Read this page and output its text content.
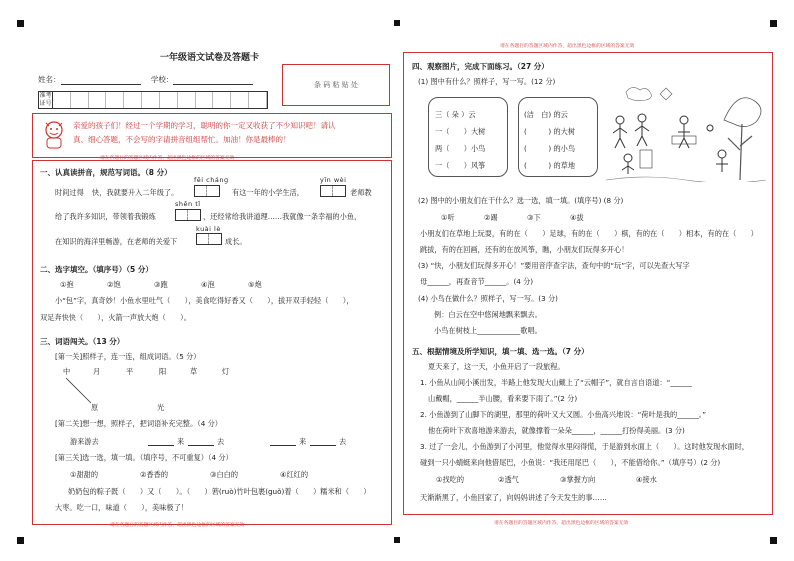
一年级语文试卷及答题卡
姓名：	学校：
准考证号
条 码 粘 贴 处
亲爱的孩子们！经过一个学期的学习，聪明的你一定又收获了不少知识吧！请认
真、细心答题，不会写的字请拼音组组帮忙。加油！你是最棒的！
请在各题目的答题区域内作答，超出黑色边框的区域的答案无效
一、认真读拼音，规范写词语。（8 分）
fēi chánɡ	yīn wèi
时间过得 快，我就要升入二年级了。	有这一年的小学生活，	老师教
shēn tǐ
给了我许多知识，带领着我锻炼	，还经常给我讲道理……我就像一条幸福的小鱼，
kuài lè
在知识的海洋里畅游，在老师的关爱下	成长。
二、选字填空。（填序号）（5 分）
①抱	②饱	③跑	④泡	⑤炮
小“包”字，真奇妙！小鱼水里吐气（　　），美食吃得好香又（　　），拔开双手轻轻（　　），
双足奔快快（　　），火箭一声放大炮（　　）。
三、词语闯关。（13 分）
[第一关]照样子，连一连，组成词语。（5 分）
中	月	平	阳	草	灯
原	光
[第二关]想一想，照样子，把词语补充完整。（4 分）
游来游去	来	去	来	去
[第三关]选一选，填一填。（填序号，不可重复）（4 分）
①甜甜的	②香香的	③白白的	④红红的
奶奶包的粽子既（　　）又（　　）。（　　）箬(ruò)竹叶包裹(guǒ)着（　　）糯米和（　　）
大枣。吃一口，味道（　　），美味极了！
请在各题目的答题区域内作答，超出黑色边框的区域的答案无效
请在各题目的答题区域内作答，超出黑色边框的区域的答案无效
四、观察图片，完成下面练习。（27 分）
(1) 图中有什么？照样子，写一写。(12 分)
三（ 朵 ）云
一（　　）大树
两（　　）小鸟
一（　　）风筝
(洁　白) 的云
(　　　) 的大树
(　　　) 的小鸟
(　　　) 的草地
(2) 图中的小朋友们在干什么？选一选，填一填。(填序号) (8 分)
①听	②踢	③下	④拔
小朋友们在草地上玩耍，有的在（　　）足球，有的在（　　）棋，有的在（　　）相本，有的在（　　）
跳拔，有的在回画，还有的在放风筝，瞧，小朋友们玩得多开心！
(3) “快，小朋友们玩得多开心！”要用音序查字法，查句中的“玩”字，可以先查大写字
母______，再查音节______。(4 分)
(4) 小鸟在做什么？照样子，写一写。(3 分)
例：白云在空中悠闲地飘来飘去。
小鸟在树枝上____________歌唱。
五、根据情境及所学知识，填一填、选一选。（7 分）
夏天来了，这一天，小鱼开启了一段旅程。
1. 小鱼从山间小溪出发，半路上他发现大山戴上了“云帽子”，就自言自语道：“______
山戴帽，______半山腰，看来要下雨了。”(2 分)
2. 小鱼游到了山脚下的湖里，那里的荷叶又大又圆。小鱼高兴地说：“荷叶是我的______。”
他在荷叶下欢喜地游来游去，就像撑着一朵朵______，______打扮得美丽。(3 分)
3. 过了一会儿，小鱼游到了小河里，他觉得水里闷得慌，于是游到水面上（　　）。这时他发现水面时，
碰到一只小蜻蜓来向他借尾巴，小鱼说：“我还用尾巴（　　），不能借给你。”（填序号）(2 分)
①找吃的	②透气	③掌握方向	④接水
天渐渐黑了，小鱼回家了，向妈妈讲述了今天发生的事……
请在各题目的答题区域内作答，超出黑色边框的区域的答案无效
